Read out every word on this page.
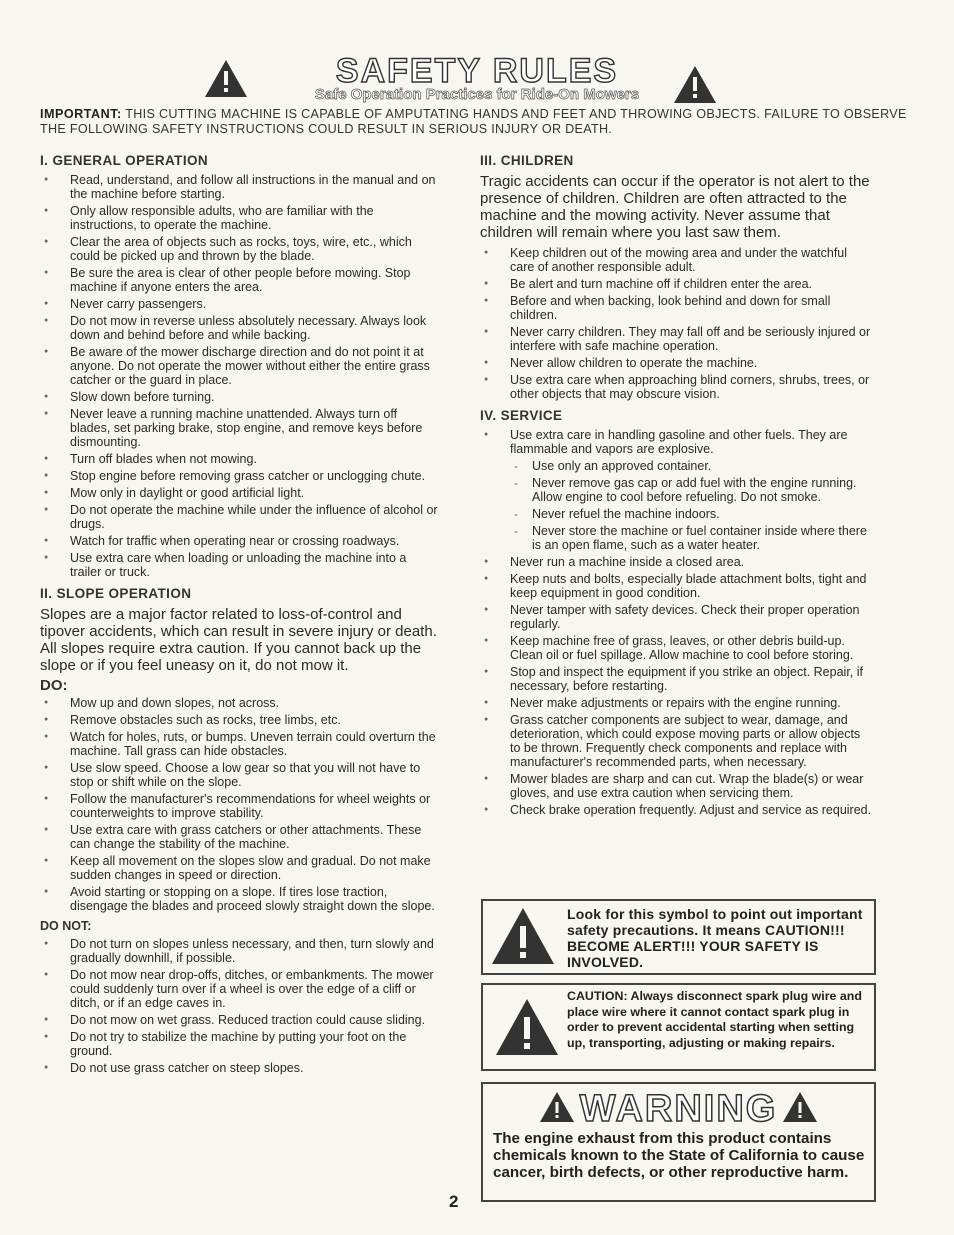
SAFETY RULES
Safe Operation Practices for Ride-On Mowers
IMPORTANT: THIS CUTTING MACHINE IS CAPABLE OF AMPUTATING HANDS AND FEET AND THROWING OBJECTS. FAILURE TO OBSERVE THE FOLLOWING SAFETY INSTRUCTIONS COULD RESULT IN SERIOUS INJURY OR DEATH.
I. GENERAL OPERATION
● Read, understand, and follow all instructions in the manual and on the machine before starting.
● Only allow responsible adults, who are familiar with the instructions, to operate the machine.
● Clear the area of objects such as rocks, toys, wire, etc., which could be picked up and thrown by the blade.
● Be sure the area is clear of other people before mowing. Stop machine if anyone enters the area.
● Never carry passengers.
● Do not mow in reverse unless absolutely necessary. Always look down and behind before and while backing.
● Be aware of the mower discharge direction and do not point it at anyone. Do not operate the mower without either the entire grass catcher or the guard in place.
● Slow down before turning.
● Never leave a running machine unattended. Always turn off blades, set parking brake, stop engine, and remove keys before dismounting.
● Turn off blades when not mowing.
● Stop engine before removing grass catcher or unclogging chute.
● Mow only in daylight or good artificial light.
● Do not operate the machine while under the influence of alcohol or drugs.
● Watch for traffic when operating near or crossing roadways.
● Use extra care when loading or unloading the machine into a trailer or truck.
II. SLOPE OPERATION

Slopes are a major factor related to loss-of-control and tipover accidents, which can result in severe injury or death. All slopes require extra caution. If you cannot back up the slope or if you feel uneasy on it, do not mow it.

DO:
● Mow up and down slopes, not across.
● Remove obstacles such as rocks, tree limbs, etc.
● Watch for holes, ruts, or bumps. Uneven terrain could overturn the machine. Tall grass can hide obstacles.
● Use slow speed. Choose a low gear so that you will not have to stop or shift while on the slope.
● Follow the manufacturer's recommendations for wheel weights or counterweights to improve stability.
● Use extra care with grass catchers or other attachments. These can change the stability of the machine.
● Keep all movement on the slopes slow and gradual. Do not make sudden changes in speed or direction.
● Avoid starting or stopping on a slope. If tires lose traction, disengage the blades and proceed slowly straight down the slope.
DO NOT:
● Do not turn on slopes unless necessary, and then, turn slowly and gradually downhill, if possible.
● Do not mow near drop-offs, ditches, or embankments. The mower could suddenly turn over if a wheel is over the edge of a cliff or ditch, or if an edge caves in.
● Do not mow on wet grass. Reduced traction could cause sliding.
● Do not try to stabilize the machine by putting your foot on the ground.
● Do not use grass catcher on steep slopes.
III. CHILDREN

Tragic accidents can occur if the operator is not alert to the presence of children. Children are often attracted to the machine and the mowing activity. Never assume that children will remain where you last saw them.

● Keep children out of the mowing area and under the watchful care of another responsible adult.
● Be alert and turn machine off if children enter the area.
● Before and when backing, look behind and down for small children.
● Never carry children. They may fall off and be seriously injured or interfere with safe machine operation.
● Never allow children to operate the machine.
● Use extra care when approaching blind corners, shrubs, trees, or other objects that may obscure vision.
IV. SERVICE
● Use extra care in handling gasoline and other fuels. They are flammable and vapors are explosive.
- Use only an approved container.
- Never remove gas cap or add fuel with the engine running. Allow engine to cool before refueling. Do not smoke.
- Never refuel the machine indoors.
- Never store the machine or fuel container inside where there is an open flame, such as a water heater.
● Never run a machine inside a closed area.
● Keep nuts and bolts, especially blade attachment bolts, tight and keep equipment in good condition.
● Never tamper with safety devices. Check their proper operation regularly.
● Keep machine free of grass, leaves, or other debris build-up. Clean oil or fuel spillage. Allow machine to cool before storing.
● Stop and inspect the equipment if you strike an object. Repair, if necessary, before restarting.
● Never make adjustments or repairs with the engine running.
● Grass catcher components are subject to wear, damage, and deterioration, which could expose moving parts or allow objects to be thrown. Frequently check components and replace with manufacturer's recommended parts, when necessary.
● Mower blades are sharp and can cut. Wrap the blade(s) or wear gloves, and use extra caution when servicing them.
● Check brake operation frequently. Adjust and service as required.
Look for this symbol to point out important safety precautions. It means CAUTION!!! BECOME ALERT!!! YOUR SAFETY IS INVOLVED.
CAUTION: Always disconnect spark plug wire and place wire where it cannot contact spark plug in order to prevent accidental starting when setting up, transporting, adjusting or making repairs.
WARNING
The engine exhaust from this product contains chemicals known to the State of California to cause cancer, birth defects, or other reproductive harm.
2
